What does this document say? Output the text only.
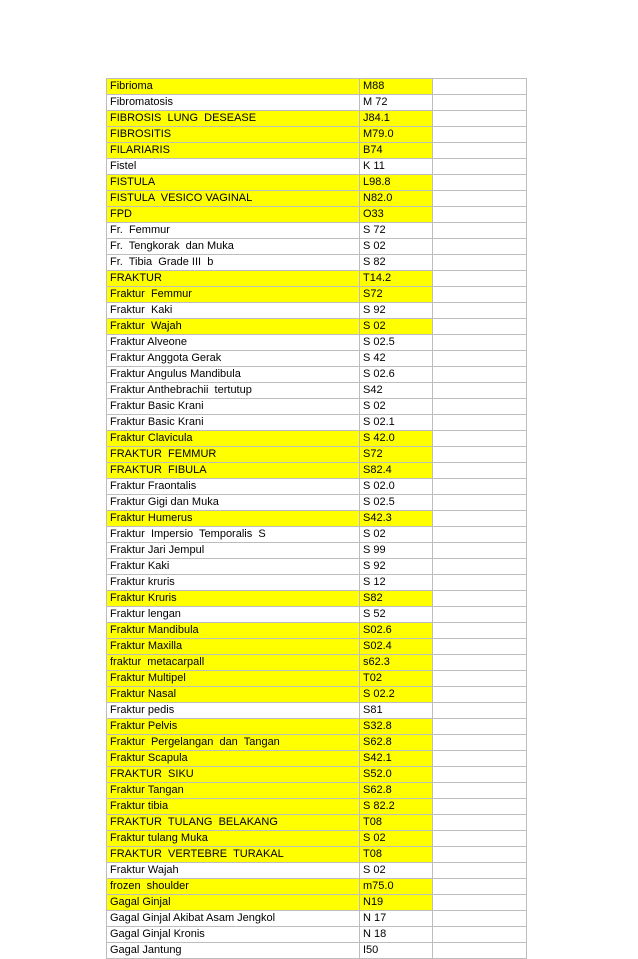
Fibrioma	M88	
Fibromatosis	M 72	
FIBROSIS  LUNG  DESEASE	J84.1	
FIBROSITIS	M79.0	
FILARIARIS	B74	
Fistel	K 11	
FISTULA	L98.8	
FISTULA  VESICO VAGINAL	N82.0	
FPD	O33	
Fr.  Femmur	S 72	
Fr.  Tengkorak  dan Muka	S 02	
Fr.  Tibia  Grade III  b	S 82	
FRAKTUR	T14.2	
Fraktur  Femmur	S72	
Fraktur  Kaki	S 92	
Fraktur  Wajah	S 02	
Fraktur Alveone	S 02.5	
Fraktur Anggota Gerak	S 42	
Fraktur Angulus Mandibula	S 02.6	
Fraktur Anthebrachii  tertutup	S42	
Fraktur Basic Krani	S 02	
Fraktur Basic Krani	S 02.1	
Fraktur Clavicula	S 42.0	
FRAKTUR  FEMMUR	S72	
FRAKTUR  FIBULA	S82.4	
Fraktur Fraontalis	S 02.0	
Fraktur Gigi dan Muka	S 02.5	
Fraktur Humerus	S42.3	
Fraktur  Impersio  Temporalis  S	S 02	
Fraktur Jari Jempul	S 99	
Fraktur Kaki	S 92	
Fraktur kruris	S 12	
Fraktur Kruris	S82	
Fraktur lengan	S 52	
Fraktur Mandibula	S02.6	
Fraktur Maxilla	S02.4	
fraktur  metacarpall	s62.3	
Fraktur Multipel	T02	
Fraktur Nasal	S 02.2	
Fraktur pedis	S81	
Fraktur Pelvis	S32.8	
Fraktur  Pergelangan  dan  Tangan	S62.8	
Fraktur Scapula	S42.1	
FRAKTUR  SIKU	S52.0	
Fraktur Tangan	S62.8	
Fraktur tibia	S 82.2	
FRAKTUR  TULANG  BELAKANG	T08	
Fraktur tulang Muka	S 02	
FRAKTUR  VERTEBRE  TURAKAL	T08	
Fraktur Wajah	S 02	
frozen  shoulder	m75.0	
Gagal Ginjal	N19	
Gagal Ginjal Akibat Asam Jengkol	N 17	
Gagal Ginjal Kronis	N 18	
Gagal Jantung	I50	
